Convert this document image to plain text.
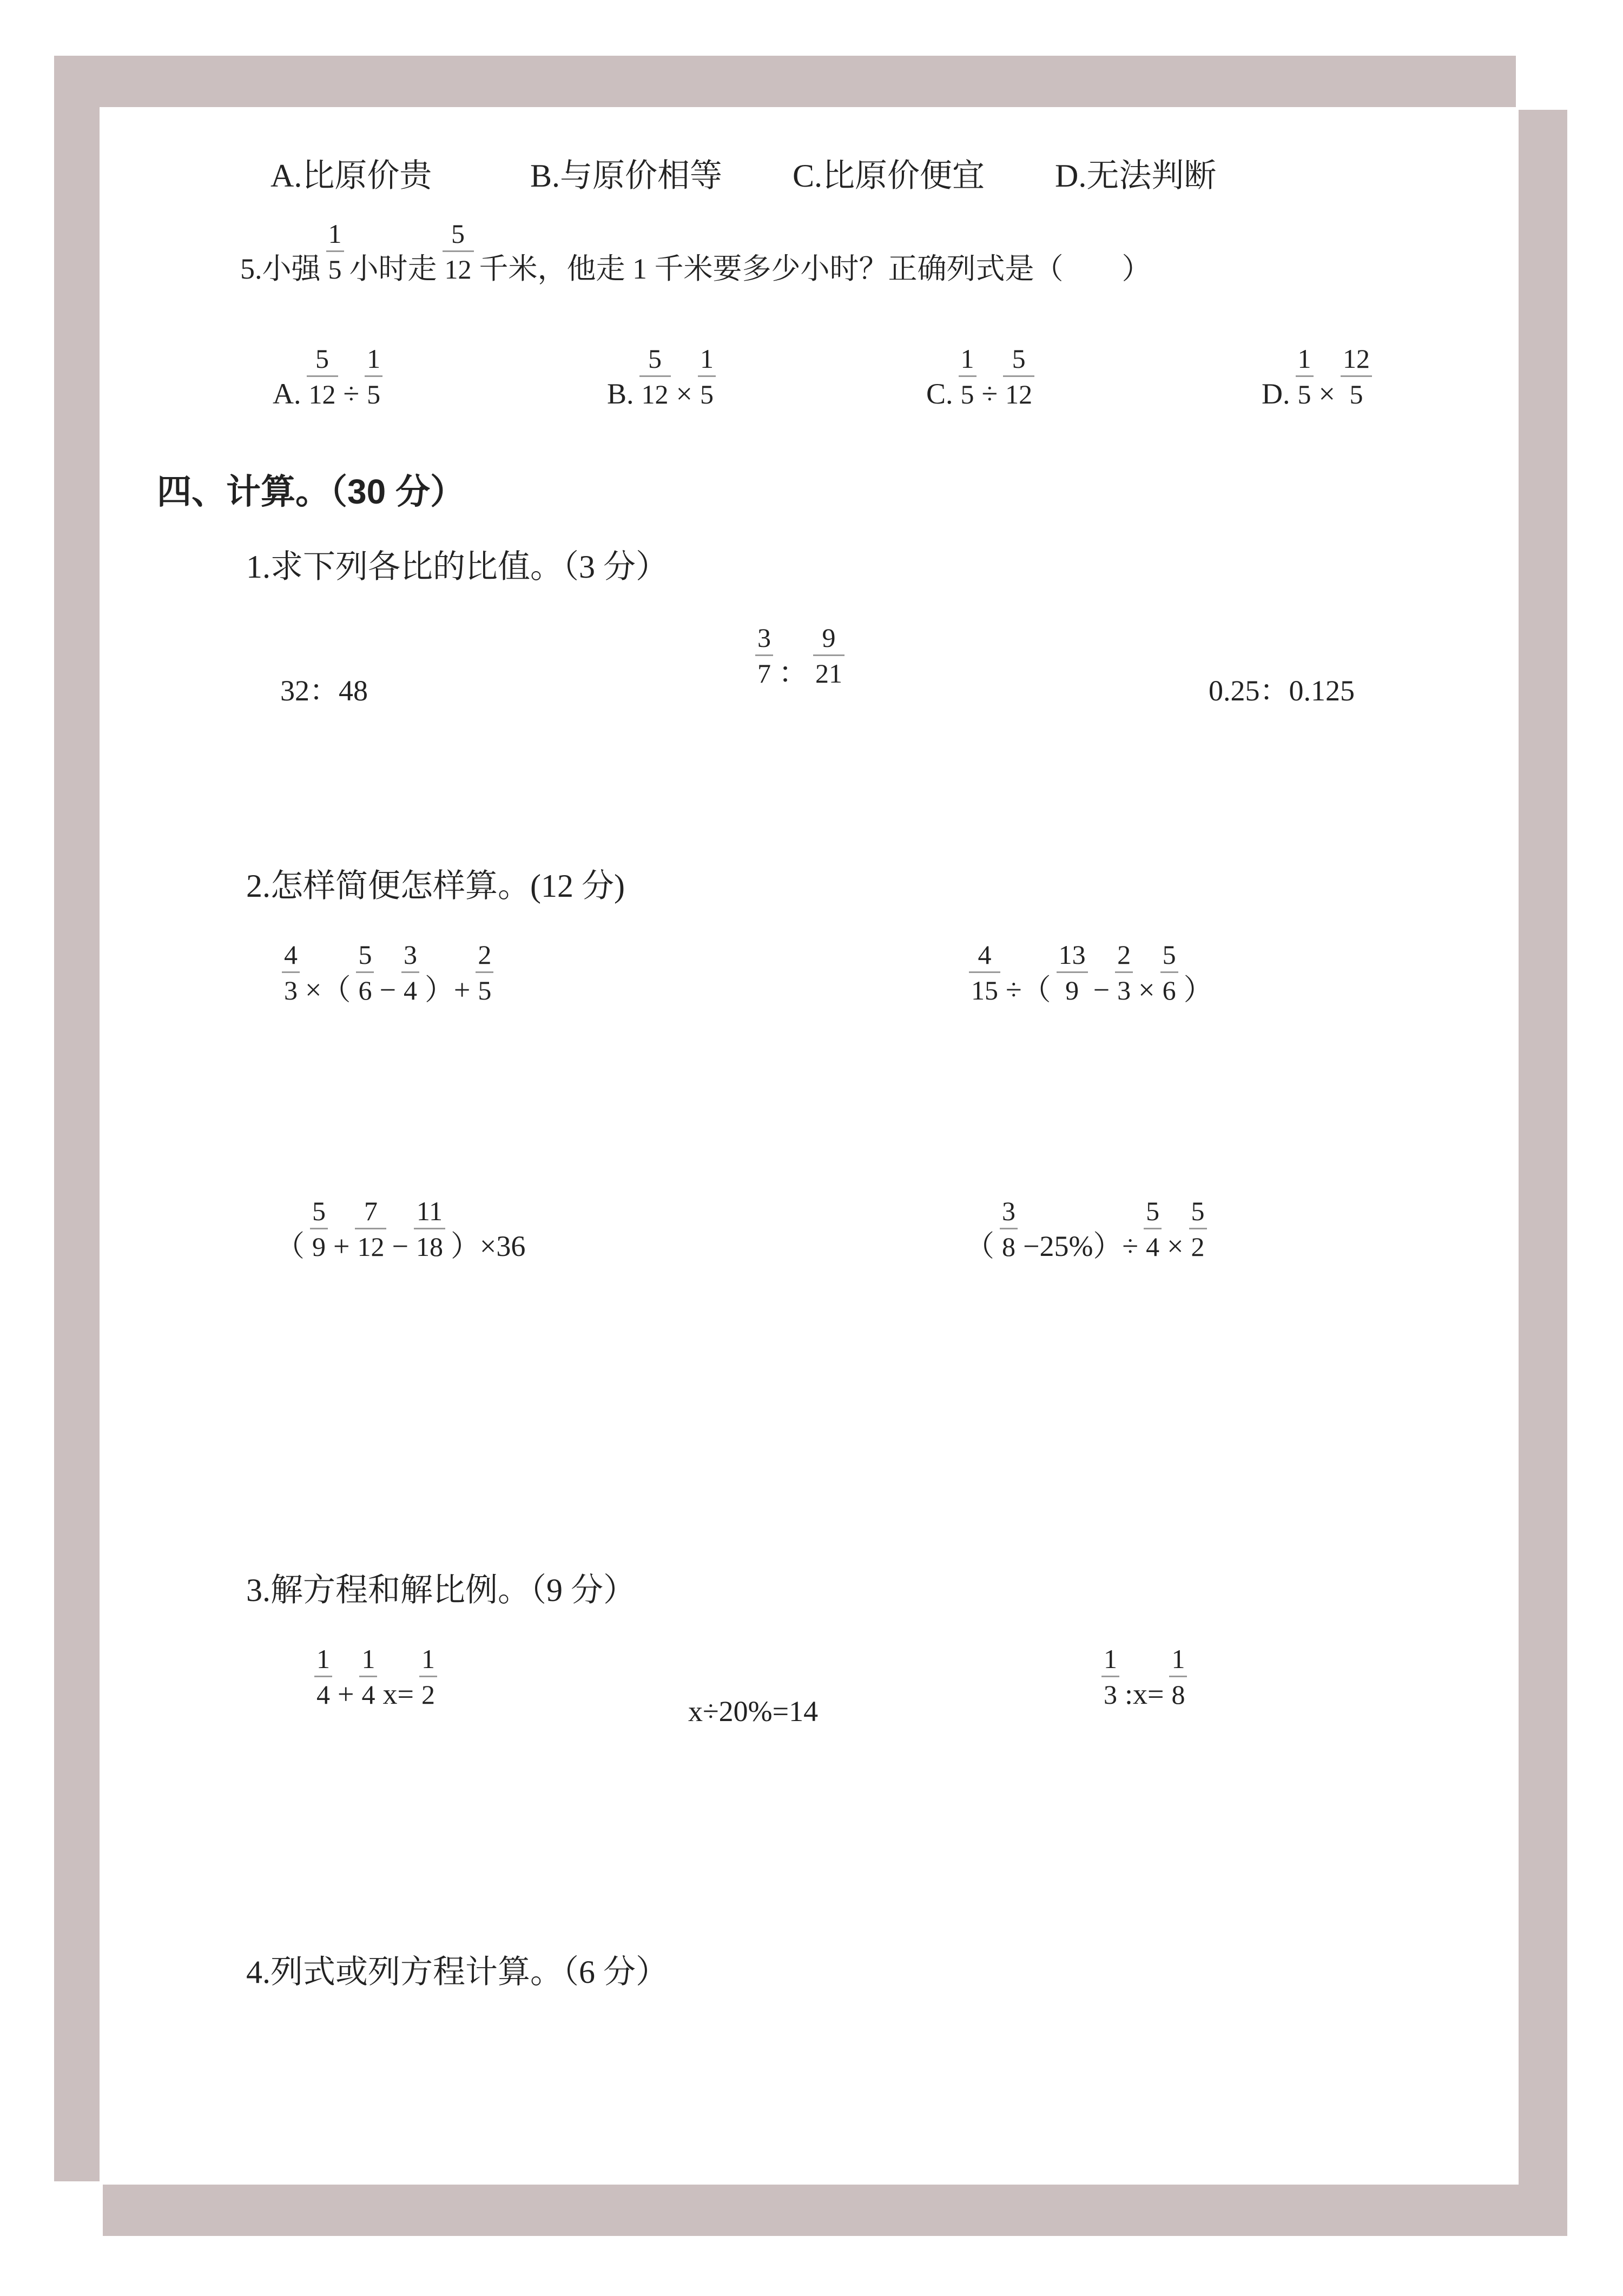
A.比原价贵	B.与原价相等 C.比原价便宜 D.无法判断
5.小强 $\frac{1}{5}$ 小时走 $\frac{5}{12}$ 千米，他走 1 千米要多少小时？正确列式是（　　）
A. $\frac{5}{12} \div \frac{1}{5}$	B. $\frac{5}{12} \times \frac{1}{5}$	C. $\frac{1}{5} \div \frac{5}{12}$	D. $\frac{1}{5} \times \frac{12}{5}$
四、计算。（30 分）
1.求下列各比的比值。（3 分）
32：48
$\frac{3}{7}$ ： $\frac{9}{21}$
0.25：0.125
2.怎样简便怎样算。(12 分)
$\frac{4}{3}$ ×（ $\frac{5}{6} - \frac{3}{4}$ ）+ $\frac{2}{5}$	$\frac{4}{15}$ ÷（ $\frac{13}{9} - \frac{2}{3} \times \frac{5}{6}$ ）
（ $\frac{5}{9} + \frac{7}{12} - \frac{11}{18} )\times 36$	（ $\frac{3}{8} -25\%)\div \frac{5}{4} \times \frac{5}{2}$
3.解方程和解比例。（9 分）
$\frac{1}{4} + \frac{1}{4} x= \frac{1}{2}$
x÷20%=14
$\frac{1}{3}$ :x= $\frac{1}{8}$
4.列式或列方程计算。（6 分）
